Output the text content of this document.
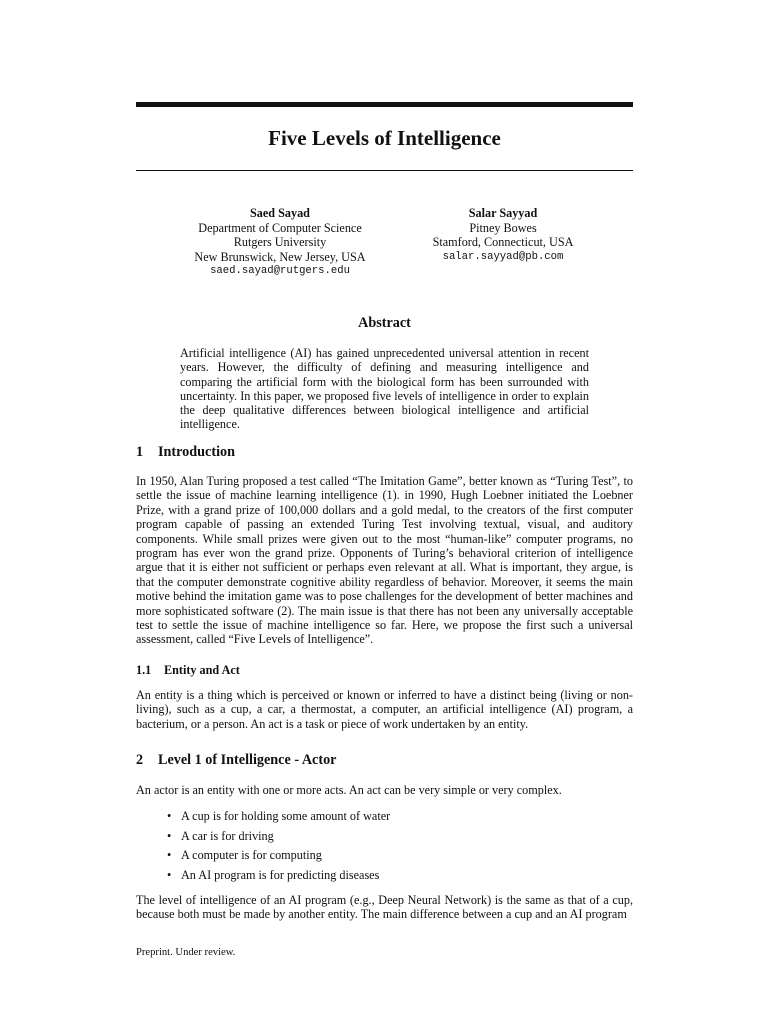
Five Levels of Intelligence
Saed Sayad
Department of Computer Science
Rutgers University
New Brunswick, New Jersey, USA
saed.sayad@rutgers.edu
Salar Sayyad
Pitney Bowes
Stamford, Connecticut, USA
salar.sayyad@pb.com
Abstract

Artificial intelligence (AI) has gained unprecedented universal attention in recent years. However, the difficulty of defining and measuring intelligence and comparing the artificial form with the biological form has been surrounded with uncertainty. In this paper, we proposed five levels of intelligence in order to explain the deep qualitative differences between biological intelligence and artificial intelligence.

1 Introduction

In 1950, Alan Turing proposed a test called “The Imitation Game”, better known as “Turing Test”, to settle the issue of machine learning intelligence (1). in 1990, Hugh Loebner initiated the Loebner Prize, with a grand prize of 100,000 dollars and a gold medal, to the creators of the first computer program capable of passing an extended Turing Test involving textual, visual, and auditory components. While small prizes were given out to the most “human-like” computer programs, no program has ever won the grand prize. Opponents of Turing’s behavioral criterion of intelligence argue that it is either not sufficient or perhaps even relevant at all. What is important, they argue, is that the computer demonstrate cognitive ability regardless of behavior. Moreover, it seems the main motive behind the imitation game was to pose challenges for the development of better machines and more sophisticated software (2). The main issue is that there has not been any universally acceptable test to settle the issue of machine intelligence so far. Here, we propose the first such a universal assessment, called “Five Levels of Intelligence”.

1.1 Entity and Act

An entity is a thing which is perceived or known or inferred to have a distinct being (living or non-living), such as a cup, a car, a thermostat, a computer, an artificial intelligence (AI) program, a bacterium, or a person. An act is a task or piece of work undertaken by an entity.

2 Level 1 of Intelligence - Actor

An actor is an entity with one or more acts. An act can be very simple or very complex.

• A cup is for holding some amount of water
• A car is for driving
• A computer is for computing
• An AI program is for predicting diseases

The level of intelligence of an AI program (e.g., Deep Neural Network) is the same as that of a cup, because both must be made by another entity. The main difference between a cup and an AI program

Preprint. Under review.
